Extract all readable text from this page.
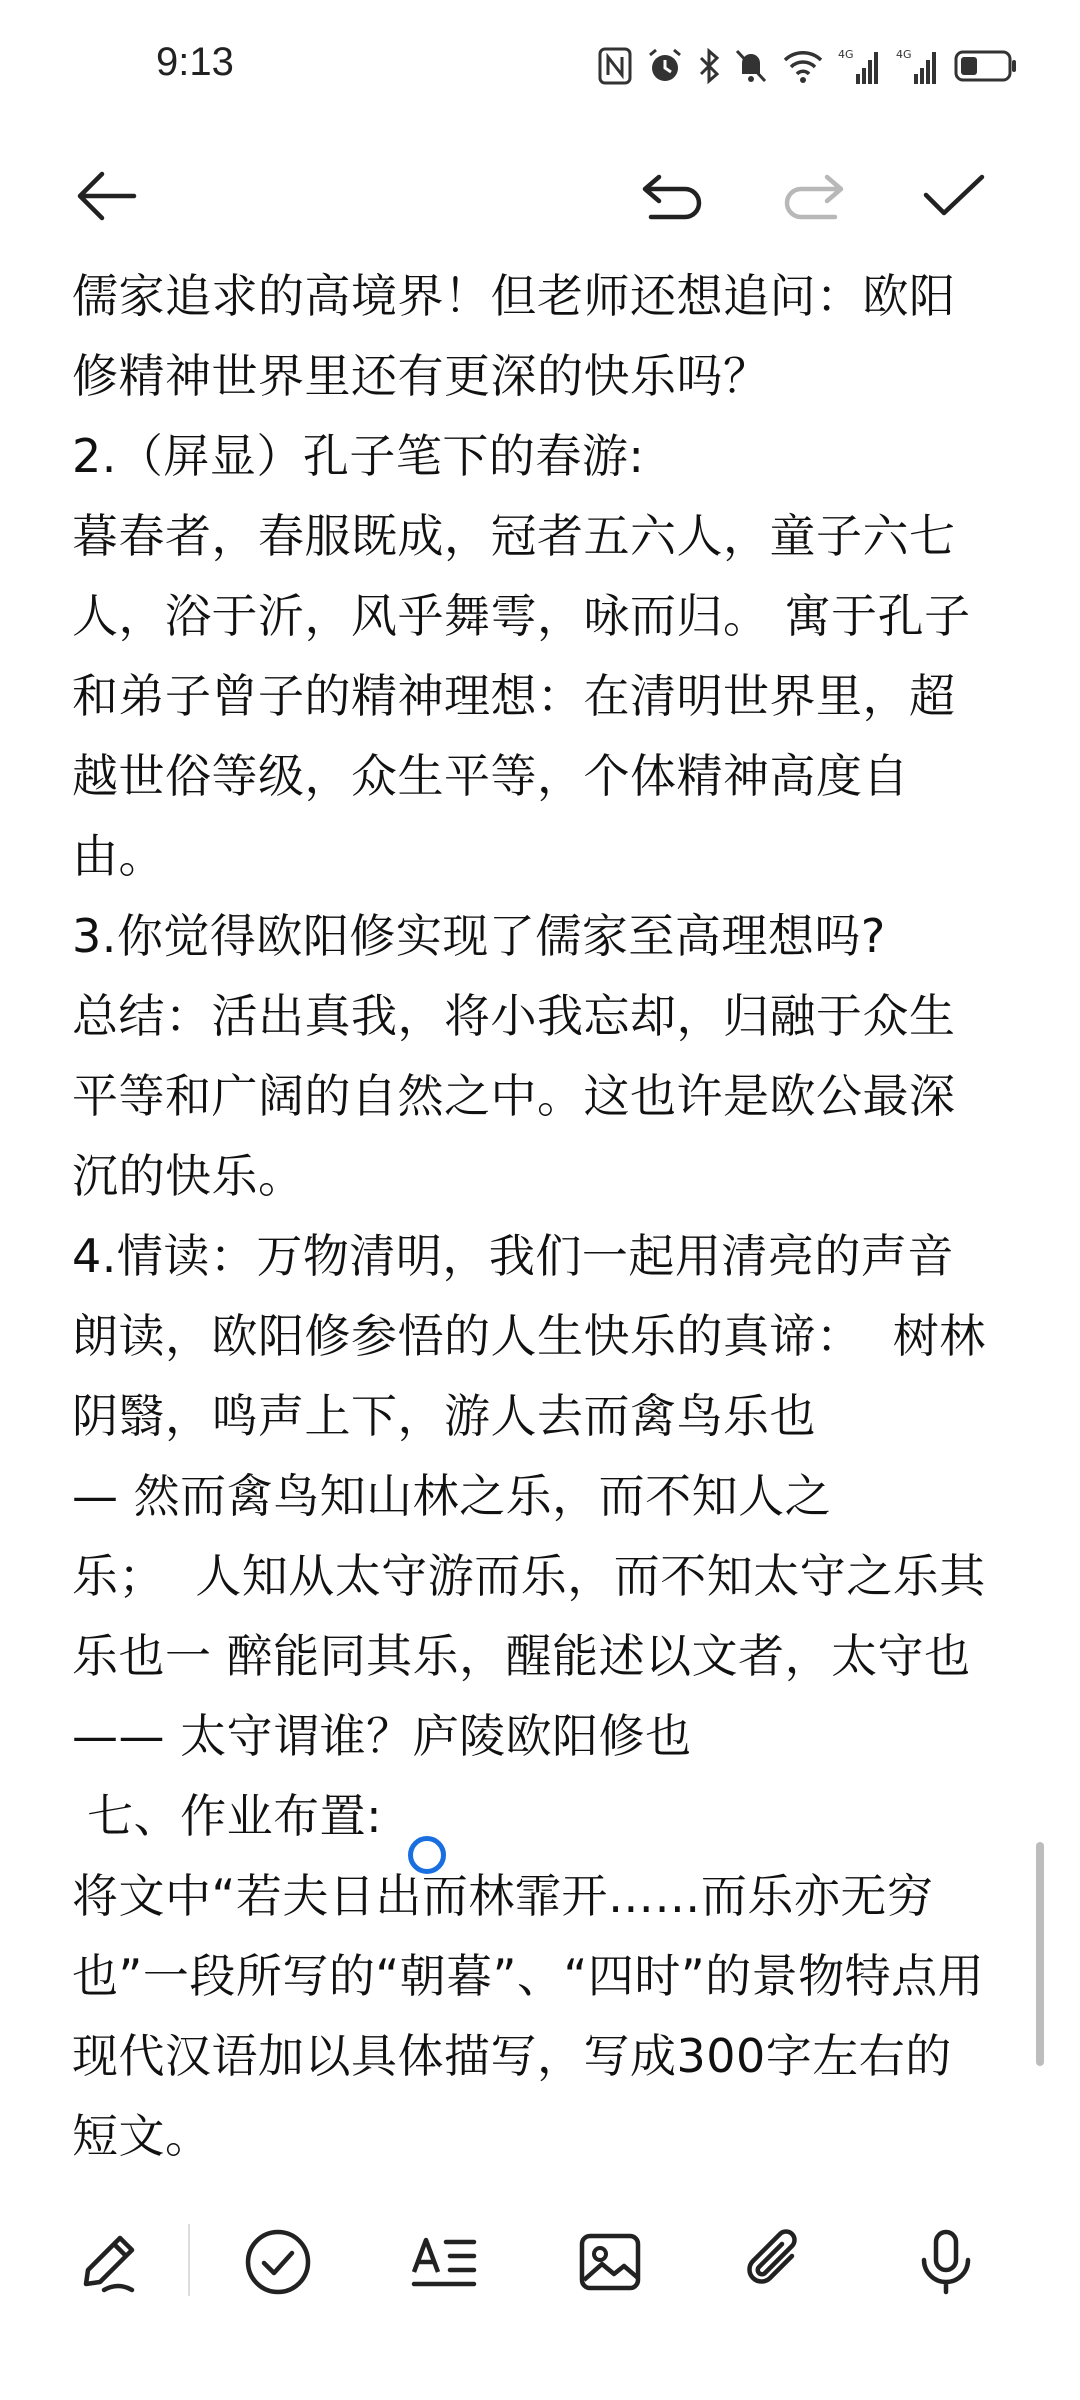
9:13	4G	4G

儒家追求的高境界！但老师还想追问：欧阳修精神世界里还有更深的快乐吗？

2.（屏显）孔子笔下的春游:

暮春者，春服既成，冠者五六人，童子六七人，浴于沂，风乎舞雩，咏而归。 寓于孔子和弟子曾子的精神理想：在清明世界里，超越世俗等级，众生平等，个体精神高度自由。

3.你觉得欧阳修实现了儒家至高理想吗?

总结：活出真我，将小我忘却，归融于众生平等和广阔的自然之中。这也许是欧公最深沉的快乐。

4.情读：万物清明，我们一起用清亮的声音朗读，欧阳修参悟的人生快乐的真谛：  树林 阴翳，鸣声上下，游人去而禽鸟乐也

— 然而禽鸟知山林之乐，而不知人之

乐；  人知从太守游而乐，而不知太守之乐其乐也一 醉能同其乐，醒能述以文者，太守也

—— 太守谓谁？庐陵欧阳修也

七、作业布置:

将文中“若夫日出而林霏开……而乐亦无穷也”一段所写的“朝暮”、“四时”的景物特点用现代汉语加以具体描写，写成300字左右的短文。
